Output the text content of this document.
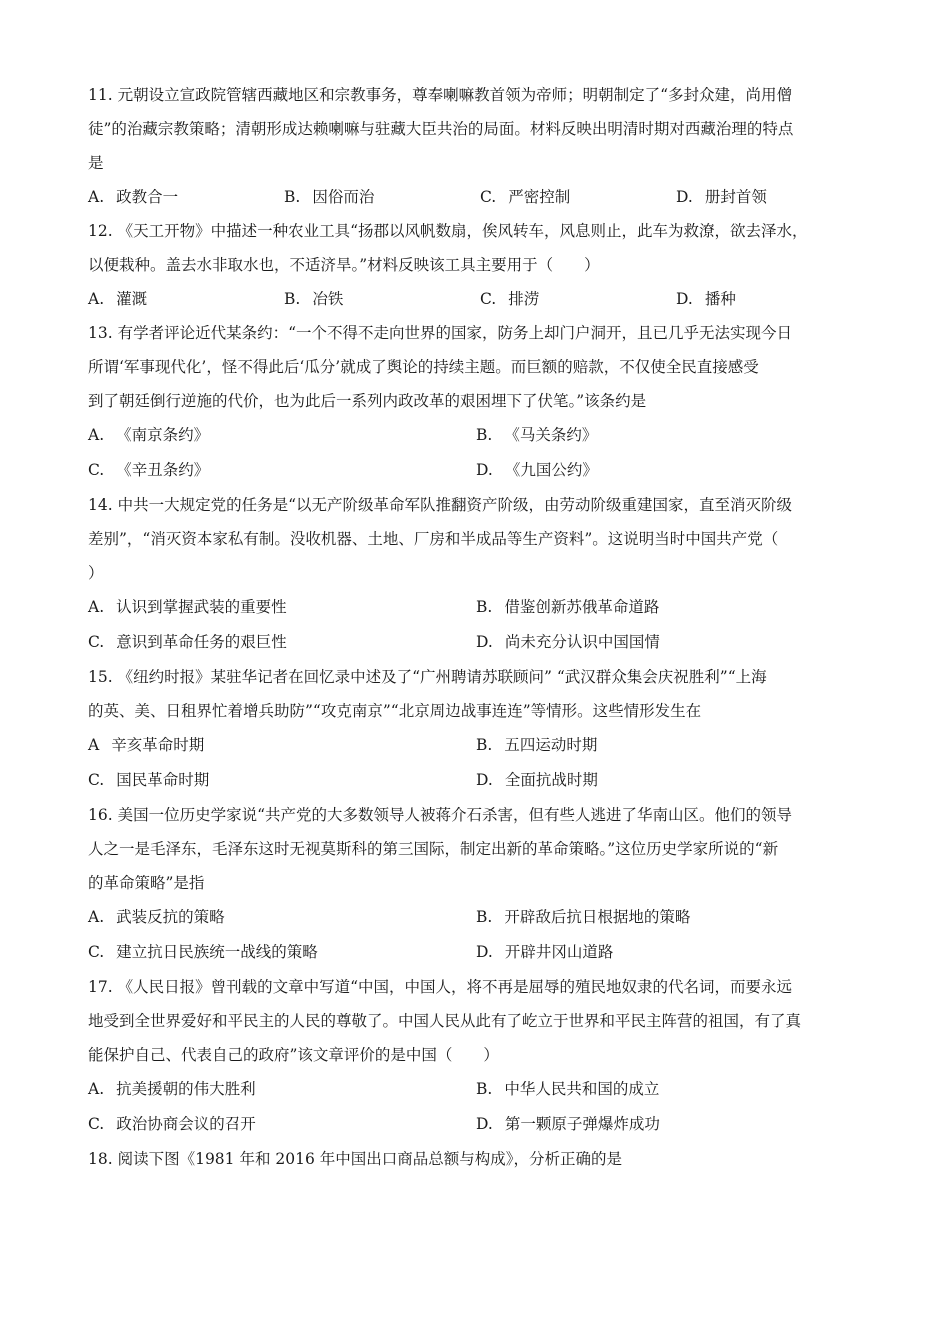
11. 元朝设立宣政院管辖西藏地区和宗教事务，尊奉喇嘛教首领为帝师；明朝制定了“多封众建，尚用僧
徒”的治藏宗教策略；清朝形成达赖喇嘛与驻藏大臣共治的局面。材料反映出明清时期对西藏治理的特点
是
A. 政教合一	B. 因俗而治	C. 严密控制	D. 册封首领
12. 《天工开物》中描述一种农业工具“扬郡以风帆数扇，俟风转车，风息则止，此车为救潦，欲去泽水，
以便栽种。盖去水非取水也，不适济旱。”材料反映该工具主要用于（　　）
A. 灌溉	B. 冶铁	C. 排涝	D. 播种
13. 有学者评论近代某条约：“一个不得不走向世界的国家，防务上却门户洞开，且已几乎无法实现今日
所谓‘军事现代化’，怪不得此后‘瓜分’就成了舆论的持续主题。而巨额的赔款，不仅使全民直接感受
到了朝廷倒行逆施的代价，也为此后一系列内政改革的艰困埋下了伏笔。”该条约是
A. 《南京条约》	B. 《马关条约》
C. 《辛丑条约》	D. 《九国公约》
14. 中共一大规定党的任务是“以无产阶级革命军队推翻资产阶级，由劳动阶级重建国家，直至消灭阶级
差别”，“消灭资本家私有制。没收机器、土地、厂房和半成品等生产资料”。这说明当时中国共产党（
）
A. 认识到掌握武装的重要性	B. 借鉴创新苏俄革命道路
C. 意识到革命任务的艰巨性	D. 尚未充分认识中国国情
15. 《纽约时报》某驻华记者在回忆录中述及了“广州聘请苏联顾问” “武汉群众集会庆祝胜利”“上海
的英、美、日租界忙着增兵助防”“攻克南京”“北京周边战事连连”等情形。这些情形发生在
A 辛亥革命时期	B. 五四运动时期
C. 国民革命时期	D. 全面抗战时期
16. 美国一位历史学家说“共产党的大多数领导人被蒋介石杀害，但有些人逃进了华南山区。他们的领导
人之一是毛泽东，毛泽东这时无视莫斯科的第三国际，制定出新的革命策略。”这位历史学家所说的“新
的革命策略”是指
A. 武装反抗的策略	B. 开辟敌后抗日根据地的策略
C. 建立抗日民族统一战线的策略	D. 开辟井冈山道路
17. 《人民日报》曾刊载的文章中写道“中国，中国人，将不再是屈辱的殖民地奴隶的代名词，而要永远
地受到全世界爱好和平民主的人民的尊敬了。中国人民从此有了屹立于世界和平民主阵营的祖国，有了真
能保护自己、代表自己的政府”该文章评价的是中国（　　）
A. 抗美援朝的伟大胜利	B. 中华人民共和国的成立
C. 政治协商会议的召开	D. 第一颗原子弹爆炸成功
18. 阅读下图《1981 年和 2016 年中国出口商品总额与构成》，分析正确的是
